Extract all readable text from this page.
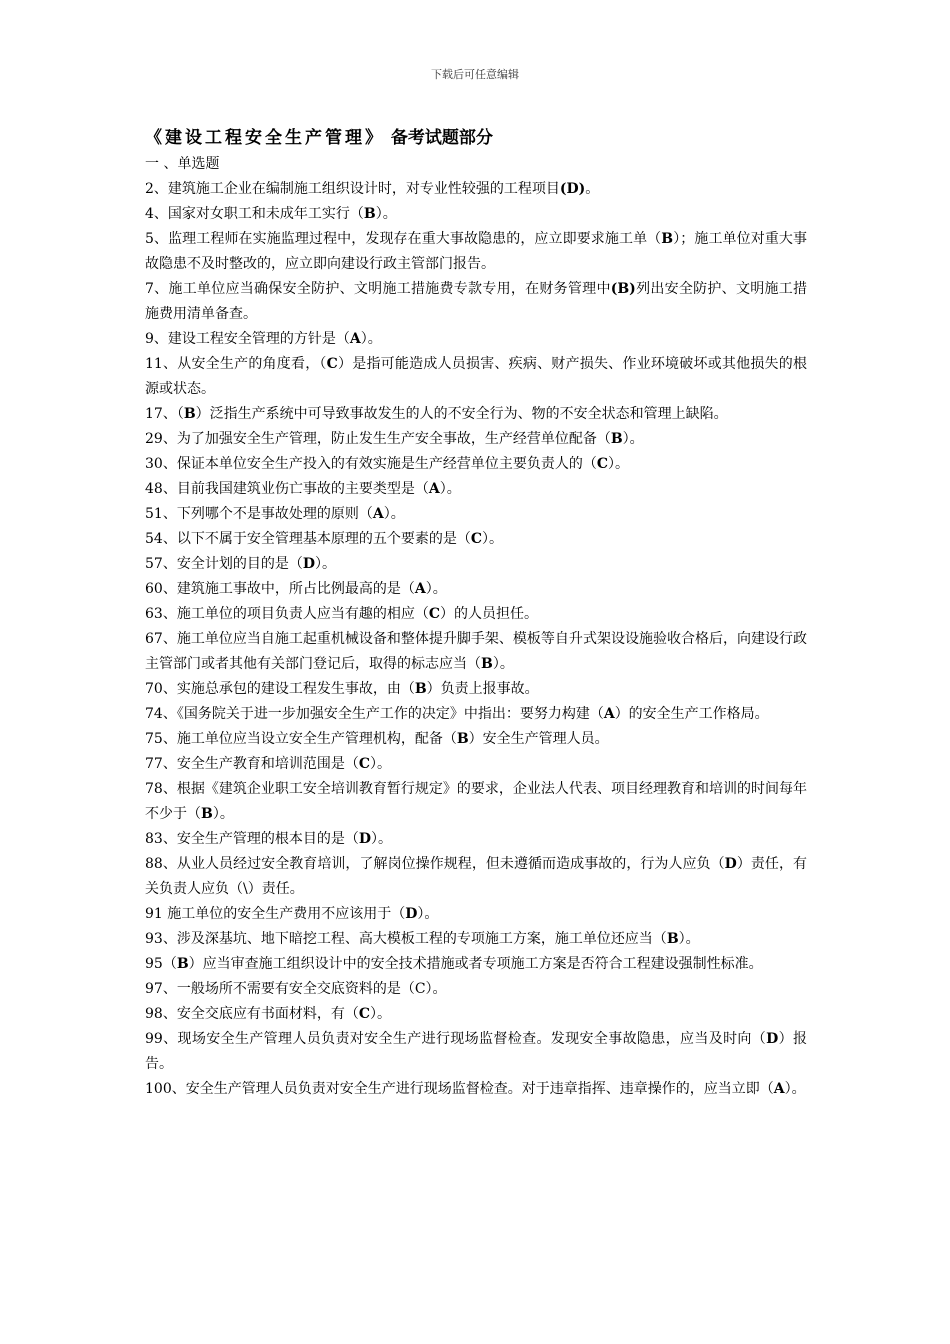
下载后可任意编辑
《建设工程安全生产管理》 备考试题部分
一 、单选题
2、建筑施工企业在编制施工组织设计时，对专业性较强的工程项目(D)。
4、国家对女职工和未成年工实行（B）。
5、监理工程师在实施监理过程中，发现存在重大事故隐患的，应立即要求施工单（B）；施工单位对重大事故隐患不及时整改的，应立即向建设行政主管部门报告。
7、施工单位应当确保安全防护、文明施工措施费专款专用，在财务管理中(B)列出安全防护、文明施工措施费用清单备查。
9、建设工程安全管理的方针是（A）。
11、从安全生产的角度看，（C）是指可能造成人员损害、疾病、财产损失、作业环境破坏或其他损失的根源或状态。
17、（B）泛指生产系统中可导致事故发生的人的不安全行为、物的不安全状态和管理上缺陷。
29、为了加强安全生产管理，防止发生生产安全事故，生产经营单位配备（B）。
30、保证本单位安全生产投入的有效实施是生产经营单位主要负责人的（C）。
48、目前我国建筑业伤亡事故的主要类型是（A）。
51、下列哪个不是事故处理的原则（A）。
54、以下不属于安全管理基本原理的五个要素的是（C）。
57、安全计划的目的是（D）。
60、建筑施工事故中，所占比例最高的是（A）。
63、施工单位的项目负责人应当有趣的相应（C）的人员担任。
67、施工单位应当自施工起重机械设备和整体提升脚手架、模板等自升式架设设施验收合格后，向建设行政主管部门或者其他有关部门登记后，取得的标志应当（B）。
70、实施总承包的建设工程发生事故，由（B）负责上报事故。
74、《国务院关于进一步加强安全生产工作的决定》中指出：要努力构建（A）的安全生产工作格局。
75、施工单位应当设立安全生产管理机构，配备（B）安全生产管理人员。
77、安全生产教育和培训范围是（C）。
78、根据《建筑企业职工安全培训教育暂行规定》的要求，企业法人代表、项目经理教育和培训的时间每年不少于（B）。
83、安全生产管理的根本目的是（D）。
88、从业人员经过安全教育培训，了解岗位操作规程，但未遵循而造成事故的，行为人应负（D）责任，有关负责人应负（\）责任。
91 施工单位的安全生产费用不应该用于（D）。
93、涉及深基坑、地下暗挖工程、高大模板工程的专项施工方案，施工单位还应当（B）。
95（B）应当审查施工组织设计中的安全技术措施或者专项施工方案是否符合工程建设强制性标准。
97、一般场所不需要有安全交底资料的是（C）。
98、安全交底应有书面材料，有（C）。
99、现场安全生产管理人员负责对安全生产进行现场监督检查。发现安全事故隐患，应当及时向（D）报告。
100、安全生产管理人员负责对安全生产进行现场监督检查。对于违章指挥、违章操作的，应当立即（A）。
